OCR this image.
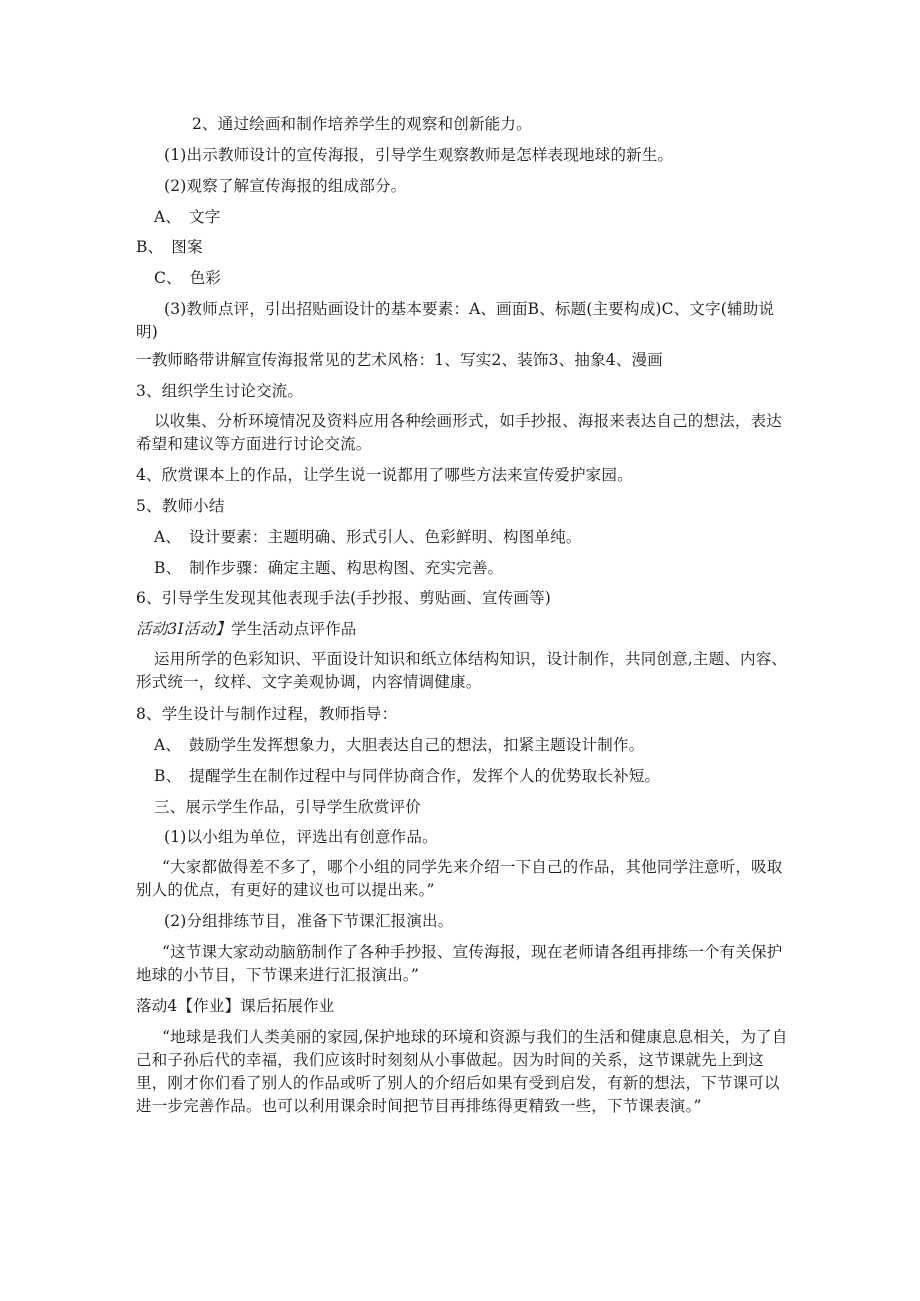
2、通过绘画和制作培养学生的观察和创新能力。
(1)出示教师设计的宣传海报，引导学生观察教师是怎样表现地球的新生。
(2)观察了解宣传海报的组成部分。
A、　文字
B、　图案
C、　色彩
(3)教师点评，引出招贴画设计的基本要素：A、画面B、标题(主要构成)C、文字(辅助说明)
一教师略带讲解宣传海报常见的艺术风格：1、写实2、装饰3、抽象4、漫画
3、组织学生讨论交流。
以收集、分析环境情况及资料应用各种绘画形式，如手抄报、海报来表达自己的想法，表达希望和建议等方面进行讨论交流。
4、欣赏课本上的作品，让学生说一说都用了哪些方法来宣传爱护家园。
5、教师小结
A、　设计要素：主题明确、形式引人、色彩鲜明、构图单纯。
B、　制作步骤：确定主题、构思构图、充实完善。
6、引导学生发现其他表现手法(手抄报、剪贴画、宣传画等)
活动3I活动】学生活动点评作品
运用所学的色彩知识、平面设计知识和纸立体结构知识，设计制作，共同创意,主题、内容、形式统一，纹样、文字美观协调，内容情调健康。
8、学生设计与制作过程，教师指导：
A、　鼓励学生发挥想象力，大胆表达自己的想法，扣紧主题设计制作。
B、　提醒学生在制作过程中与同伴协商合作，发挥个人的优势取长补短。
三、展示学生作品，引导学生欣赏评价
(1)以小组为单位，评选出有创意作品。
“大家都做得差不多了，哪个小组的同学先来介绍一下自己的作品，其他同学注意听，吸取别人的优点，有更好的建议也可以提出来。”
(2)分组排练节目，准备下节课汇报演出。
“这节课大家动动脑筋制作了各种手抄报、宣传海报，现在老师请各组再排练一个有关保护地球的小节目，下节课来进行汇报演出。”
落动4【作业】课后拓展作业
“地球是我们人类美丽的家园,保护地球的环境和资源与我们的生活和健康息息相关，为了自己和子孙后代的幸福，我们应该时时刻刻从小事做起。因为时间的关系，这节课就先上到这里，刚才你们看了别人的作品或听了别人的介绍后如果有受到启发，有新的想法，下节课可以进一步完善作品。也可以利用课余时间把节目再排练得更精致一些，下节课表演。”
